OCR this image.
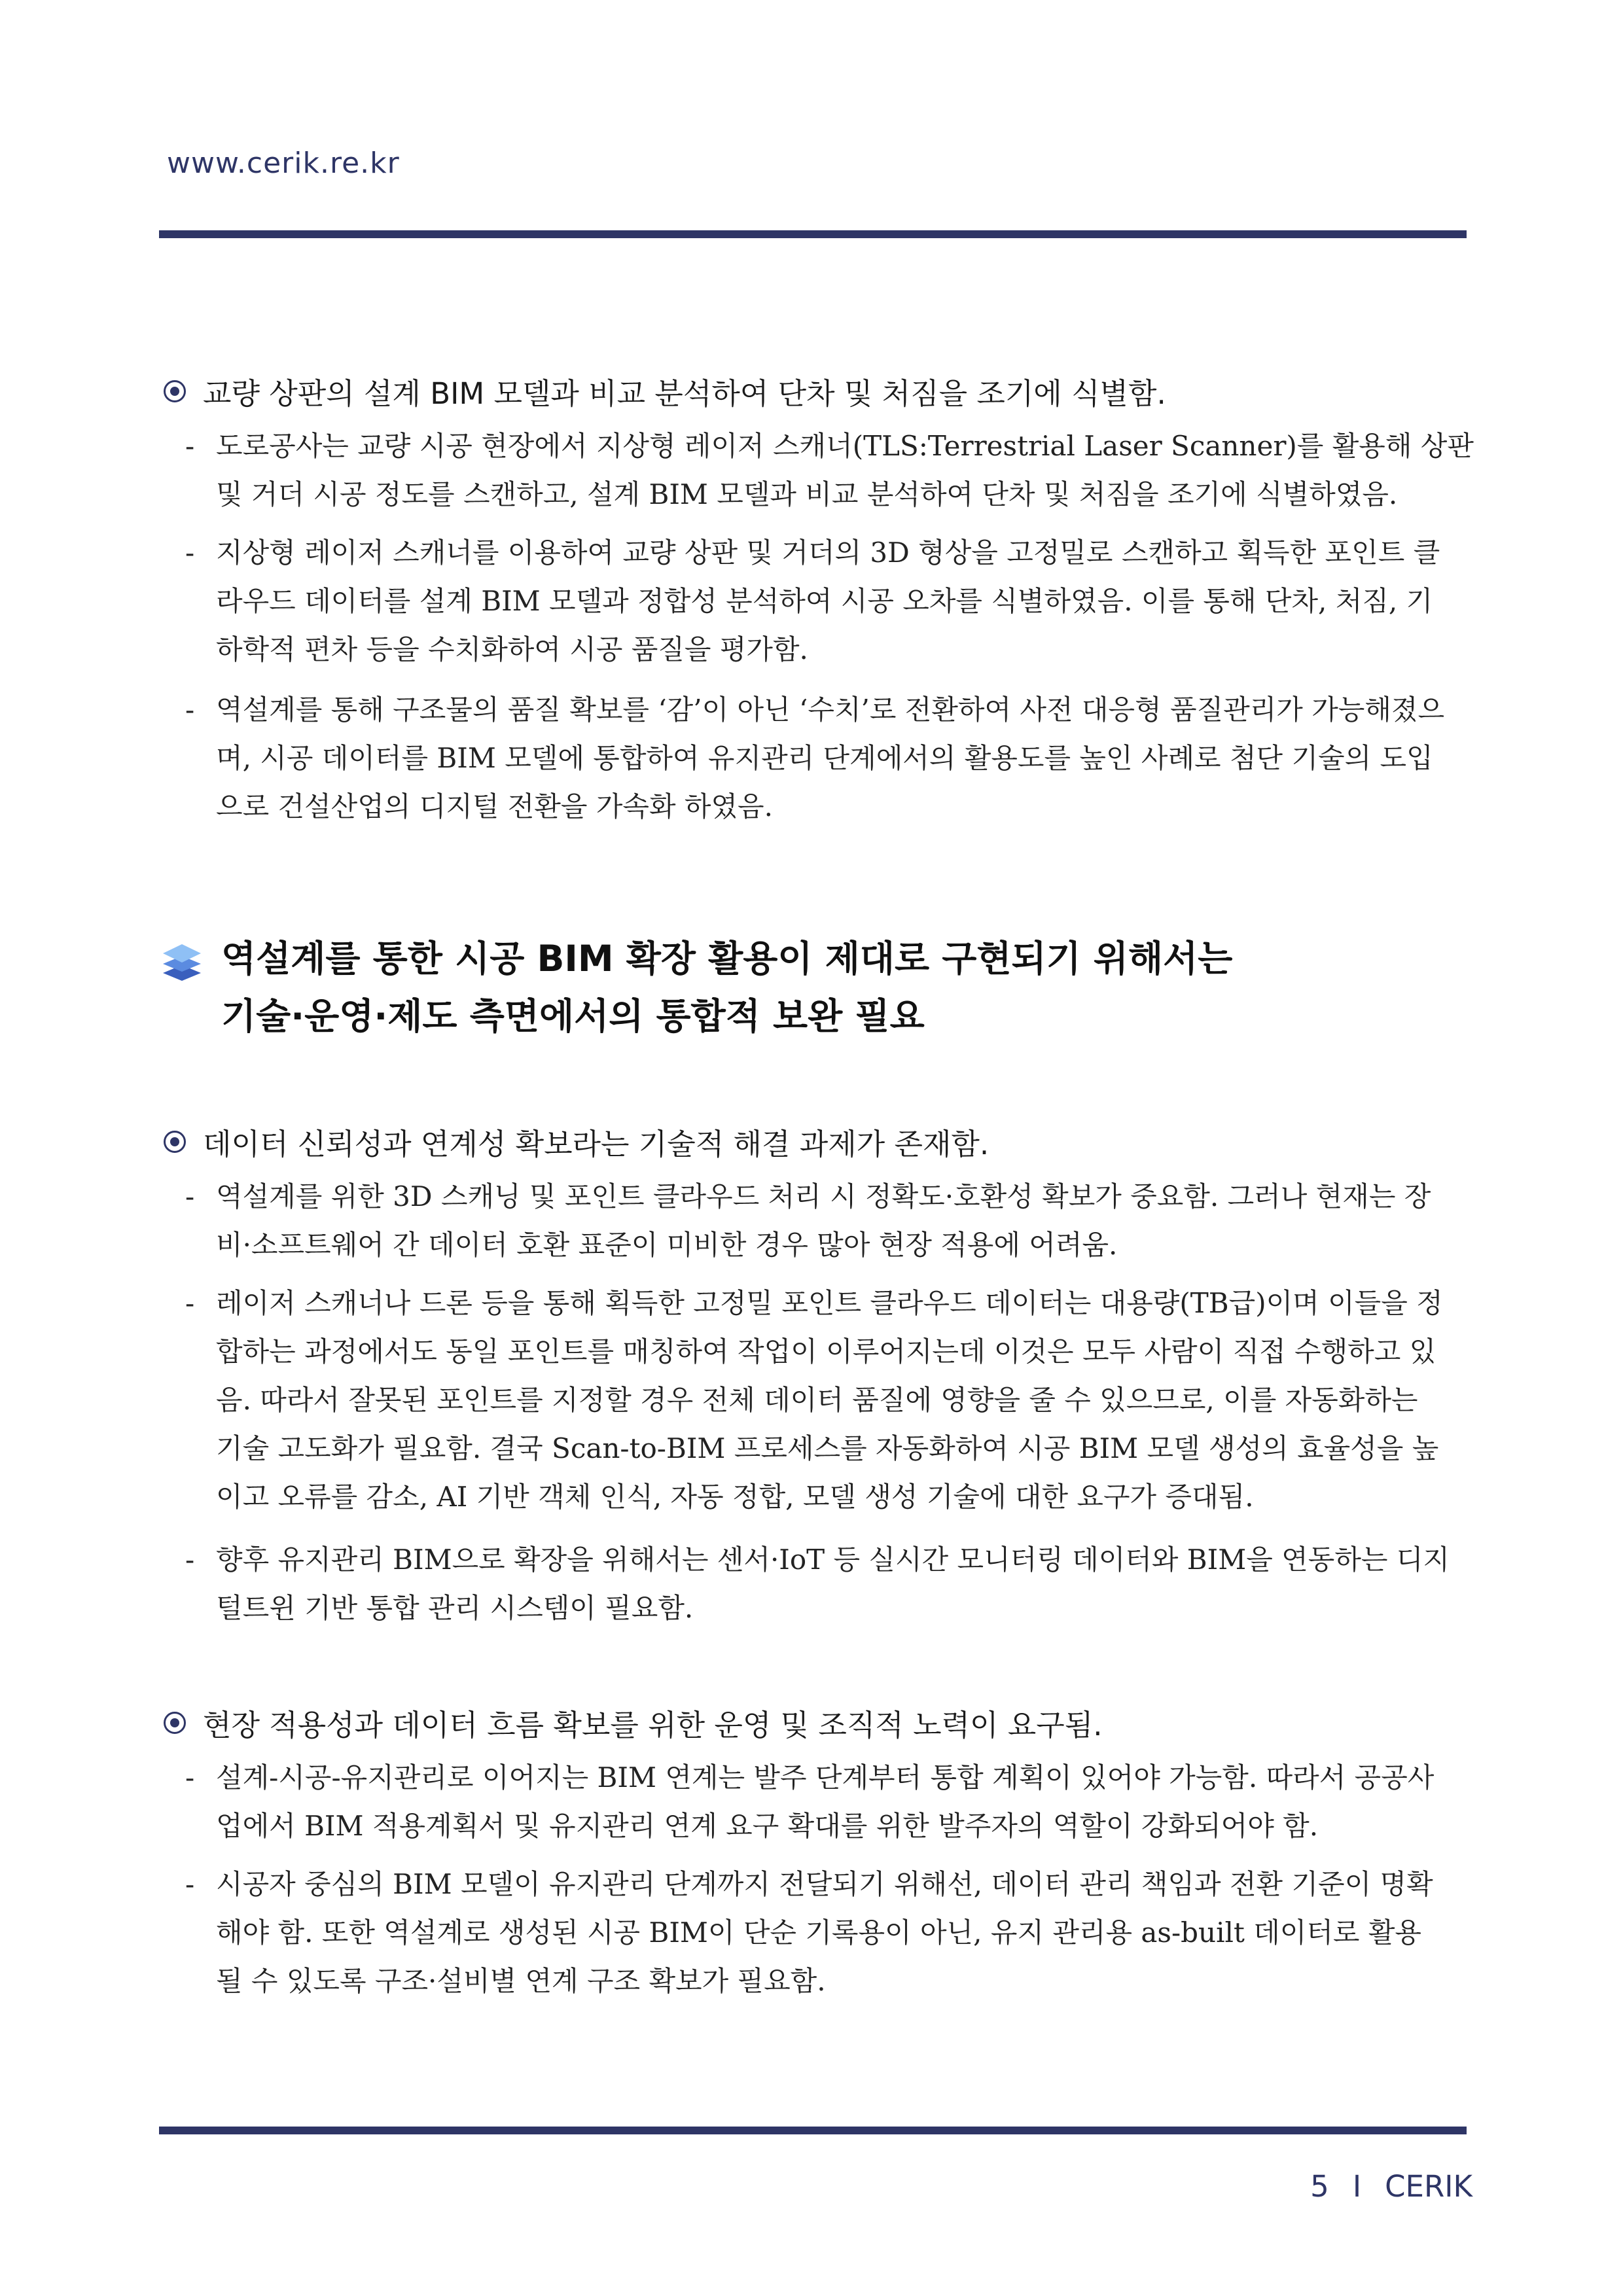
www.cerik.re.kr
교량 상판의 설계 BIM 모델과 비교 분석하여 단차 및 처짐을 조기에 식별함.
- 도로공사는 교량 시공 현장에서 지상형 레이저 스캐너(TLS:Terrestrial Laser Scanner)를 활용해 상판
및 거더 시공 정도를 스캔하고, 설계 BIM 모델과 비교 분석하여 단차 및 처짐을 조기에 식별하였음.
- 지상형 레이저 스캐너를 이용하여 교량 상판 및 거더의 3D 형상을 고정밀로 스캔하고 획득한 포인트 클
라우드 데이터를 설계 BIM 모델과 정합성 분석하여 시공 오차를 식별하였음. 이를 통해 단차, 처짐, 기
하학적 편차 등을 수치화하여 시공 품질을 평가함.
- 역설계를 통해 구조물의 품질 확보를 ‘감’이 아닌 ‘수치’로 전환하여 사전 대응형 품질관리가 가능해졌으
며, 시공 데이터를 BIM 모델에 통합하여 유지관리 단계에서의 활용도를 높인 사례로 첨단 기술의 도입
으로 건설산업의 디지털 전환을 가속화 하였음.
역설계를 통한 시공 BIM 확장 활용이 제대로 구현되기 위해서는
기술·운영·제도 측면에서의 통합적 보완 필요
데이터 신뢰성과 연계성 확보라는 기술적 해결 과제가 존재함.
- 역설계를 위한 3D 스캐닝 및 포인트 클라우드 처리 시 정확도·호환성 확보가 중요함. 그러나 현재는 장
비·소프트웨어 간 데이터 호환 표준이 미비한 경우 많아 현장 적용에 어려움.
- 레이저 스캐너나 드론 등을 통해 획득한 고정밀 포인트 클라우드 데이터는 대용량(TB급)이며 이들을 정
합하는 과정에서도 동일 포인트를 매칭하여 작업이 이루어지는데 이것은 모두 사람이 직접 수행하고 있
음. 따라서 잘못된 포인트를 지정할 경우 전체 데이터 품질에 영향을 줄 수 있으므로, 이를 자동화하는
기술 고도화가 필요함. 결국 Scan-to-BIM 프로세스를 자동화하여 시공 BIM 모델 생성의 효율성을 높
이고 오류를 감소, AI 기반 객체 인식, 자동 정합, 모델 생성 기술에 대한 요구가 증대됨.
- 향후 유지관리 BIM으로 확장을 위해서는 센서·IoT 등 실시간 모니터링 데이터와 BIM을 연동하는 디지
털트윈 기반 통합 관리 시스템이 필요함.
현장 적용성과 데이터 흐름 확보를 위한 운영 및 조직적 노력이 요구됨.
- 설계-시공-유지관리로 이어지는 BIM 연계는 발주 단계부터 통합 계획이 있어야 가능함. 따라서 공공사
업에서 BIM 적용계획서 및 유지관리 연계 요구 확대를 위한 발주자의 역할이 강화되어야 함.
- 시공자 중심의 BIM 모델이 유지관리 단계까지 전달되기 위해선, 데이터 관리 책임과 전환 기준이 명확
해야 함. 또한 역설계로 생성된 시공 BIM이 단순 기록용이 아닌, 유지 관리용 as-built 데이터로 활용
될 수 있도록 구조·설비별 연계 구조 확보가 필요함.
5 I CERIK
